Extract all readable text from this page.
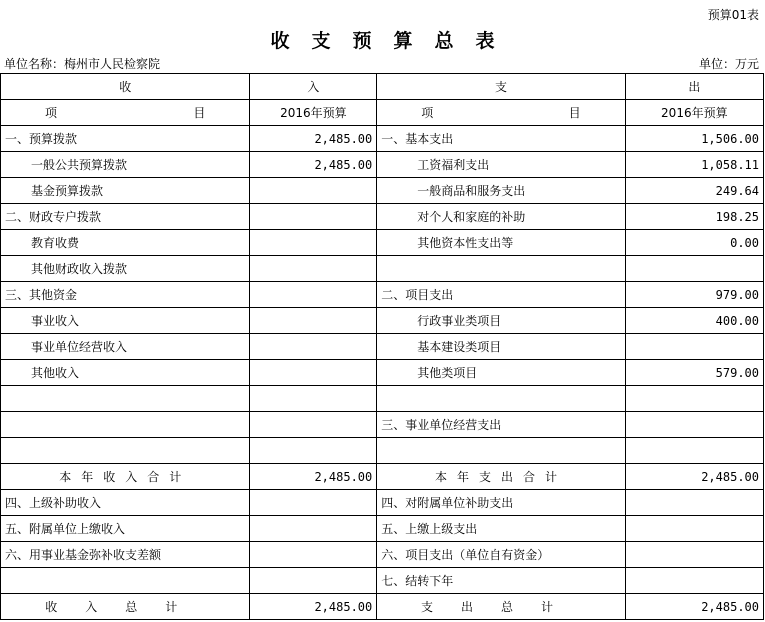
预算01表
收支预算总表
单位名称：梅州市人民检察院	单位：万元
收	入	支	出

项 目	2016年预算	项 目	2016年预算
一、预算拨款	2,485.00	一、基本支出	1,506.00
一般公共预算拨款	2,485.00	工资福利支出	1,058.11
基金预算拨款		一般商品和服务支出	249.64
二、财政专户拨款		对个人和家庭的补助	198.25
教育收费		其他资本性支出等	0.00
其他财政收入拨款			
三、其他资金		二、项目支出	979.00
事业收入		行政事业类项目	400.00
事业单位经营收入		基本建设类项目	
其他收入		其他类项目	579.00

		三、事业单位经营支出	

本年收入合计	2,485.00	本年支出合计	2,485.00
四、上级补助收入		四、对附属单位补助支出	
五、附属单位上缴收入		五、上缴上级支出	
六、用事业基金弥补收支差额		六、项目支出（单位自有资金）	
		七、结转下年	
收入总计	2,485.00	支出总计	2,485.00
